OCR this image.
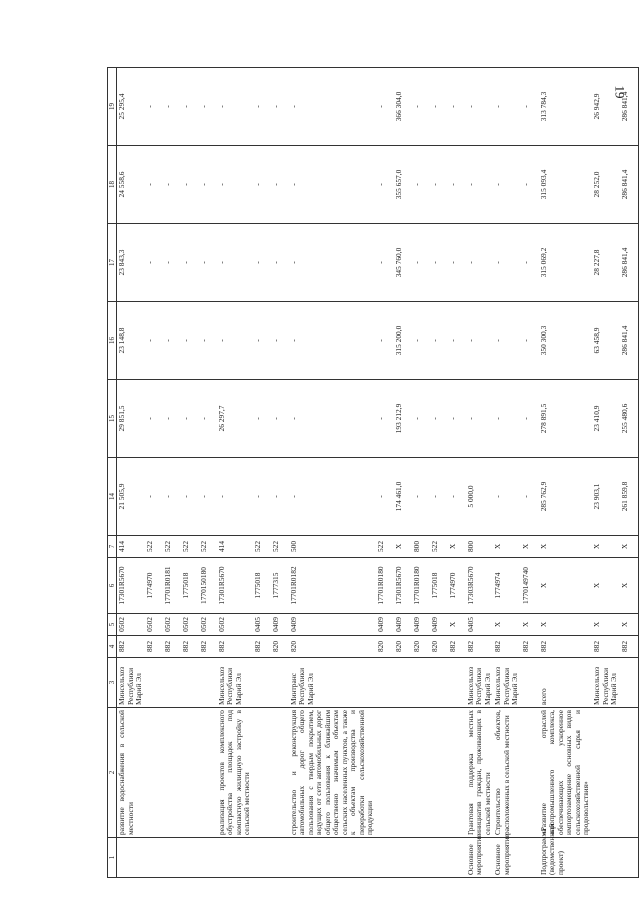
19
1	2	3	4	5	6	7	14	15	16	17	18	19
	развитие водоснабжения в сельской местности	Минсельхоз Республики Марий Эл	882	0502	17301R5670	414	21 505,9	29 851,5	23 148,8	23 843,3	24 558,6	25 295,4
			882	0502	1774970	522	-	-	-	-	-	-
			882	0502	17701R0181	522	-	-	-	-	-	-
			882	0502	1775018	522	-	-	-	-	-	-
			882	0502	1770150180	522	-	-	-	-	-	-
	реализация проектов комплексного обустройства площадок под компактную жилищную застройку в сельской местности	Минсельхоз Республики Марий Эл	882	0502	17301R5670	414	-	26 297,7	-	-	-	-
			882	0405	1775018	522	-	-	-	-	-	-
			820	0409	1777315	522	-	-	-	-	-	-
	строительство и реконструкция автомобильных дорог общего пользования с твердым покрытием, ведущих от сети автомобильных дорог общего пользования к ближайшим общественно значимым объектам сельских населенных пунктов, а также к объектам производства и переработки сельскохозяйственной продукции	Минтранс Республики Марий Эл	820	0409	17701R0182	500	-	-	-	-	-	-
			820	0409	17701R0180	522	-	-	-	-	-	-
			820	0409	17301R5670	X	174 461,0	193 212,9	315 200,0	345 760,0	355 657,0	366 304,0
			820	0409	17701R0180	800	-	-	-	-	-	-
			820	0409	1775018	522	-	-	-	-	-	-
			882	X	1774970	X	-	-	-	-	-	-
Основное мероприятие	Грантовая поддержка местных инициатив граждан, проживающих в сельской местности	Минсельхоз Республики Марий Эл	882	0405	17303R5670	800	5 000,0	-	-	-	-	-
Основное мероприятие	Строительство объектов, расположенных в сельской местности	Минсельхоз Республики Марий Эл	882	X	1774974	X	-	-	-	-	-	-
			882	X	1770149740	X	-	-	-	-	-	-
Подпрограмма (ведомственный проект)	«Развитие отраслей агропромышленного комплекса, обеспечивающих ускоренное импортозамещение основных видов сельскохозяйственной сырья и продовольствия»	всего	882	X	X	X	285 762,9	278 891,5	350 300,3	315 069,2	315 093,4	313 784,3
		Минсельхоз Республики Марий Эл	882	X	X	X	23 903,1	23 410,9	63 458,9	28 227,8	28 252,0	26 942,9
			882	X	X	X	261 859,8	255 480,6	286 841,4	286 841,4	286 841,4	286 841,4
